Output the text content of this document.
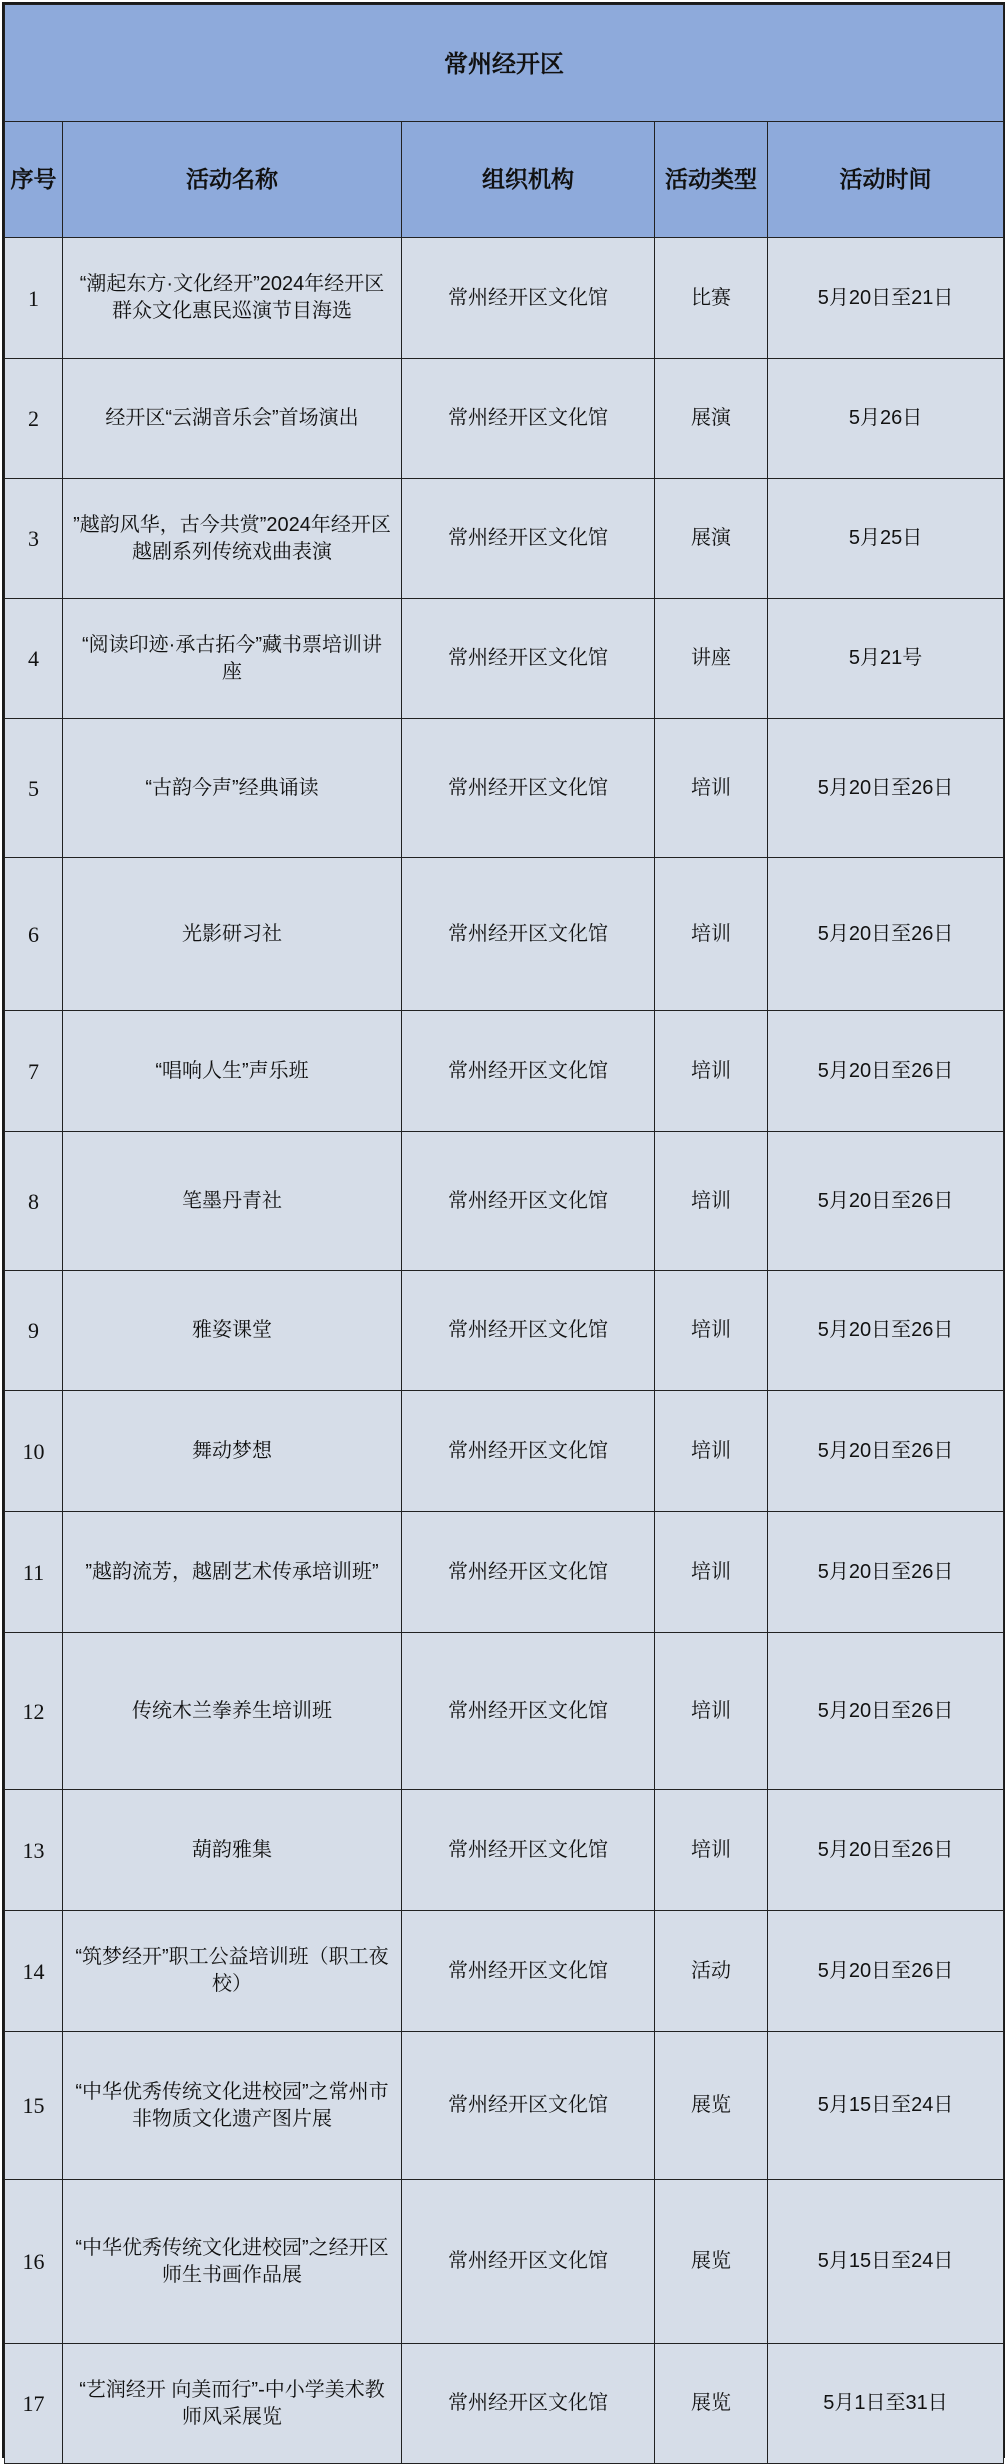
常州经开区				
序号	活动名称	组织机构	活动类型	活动时间
1	“潮起东方·文化经开”2024年经开区群众文化惠民巡演节目海选	常州经开区文化馆	比赛	5月20日至21日
2	经开区“云湖音乐会”首场演出	常州经开区文化馆	展演	5月26日
3	”越韵风华，古今共赏”2024年经开区越剧系列传统戏曲表演	常州经开区文化馆	展演	5月25日
4	“阅读印迹·承古拓今”藏书票培训讲座	常州经开区文化馆	讲座	5月21号
5	“古韵今声”经典诵读	常州经开区文化馆	培训	5月20日至26日
6	光影研习社	常州经开区文化馆	培训	5月20日至26日
7	“唱响人生”声乐班	常州经开区文化馆	培训	5月20日至26日
8	笔墨丹青社	常州经开区文化馆	培训	5月20日至26日
9	雅姿课堂	常州经开区文化馆	培训	5月20日至26日
10	舞动梦想	常州经开区文化馆	培训	5月20日至26日
11	”越韵流芳，越剧艺术传承培训班”	常州经开区文化馆	培训	5月20日至26日
12	传统木兰拳养生培训班	常州经开区文化馆	培训	5月20日至26日
13	葫韵雅集	常州经开区文化馆	培训	5月20日至26日
14	“筑梦经开”职工公益培训班（职工夜校）	常州经开区文化馆	活动	5月20日至26日
15	“中华优秀传统文化进校园”之常州市非物质文化遗产图片展	常州经开区文化馆	展览	5月15日至24日
16	“中华优秀传统文化进校园”之经开区师生书画作品展	常州经开区文化馆	展览	5月15日至24日
17	“艺润经开 向美而行”-中小学美术教师风采展览	常州经开区文化馆	展览	5月1日至31日
